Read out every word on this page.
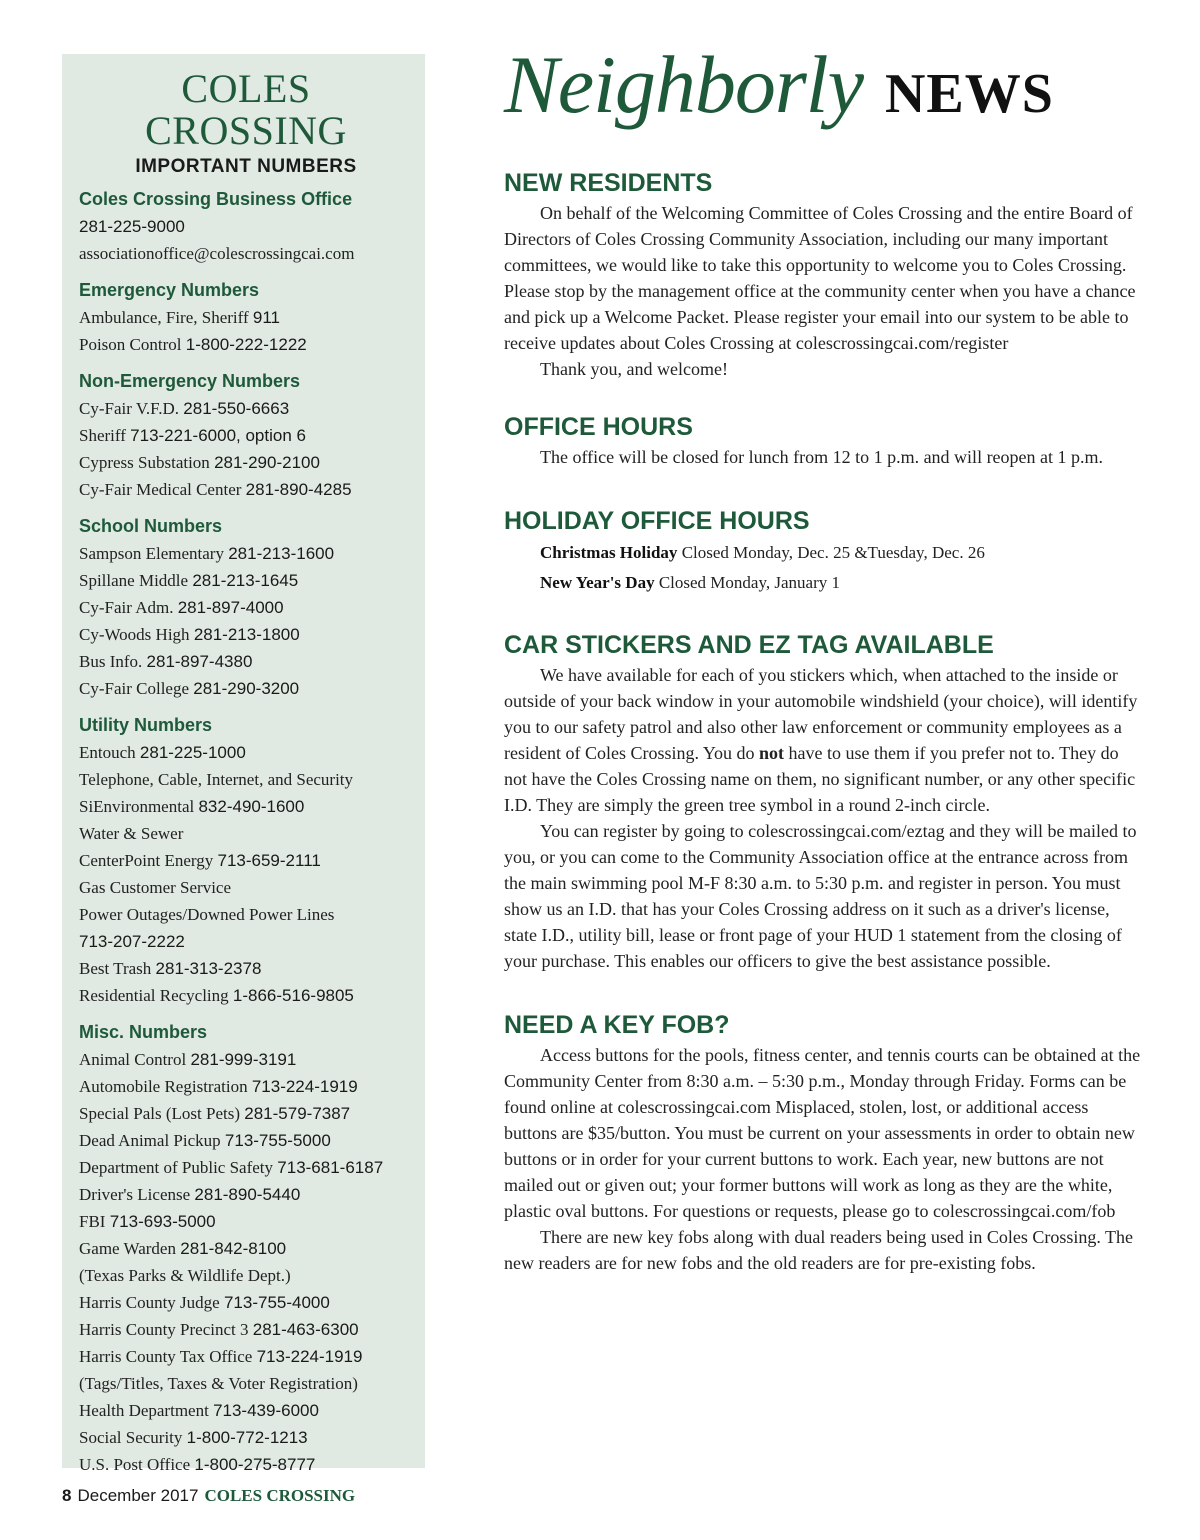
COLES CROSSING
IMPORTANT NUMBERS
Coles Crossing Business Office
281-225-9000
associationoffice@colescrossingcai.com
Emergency Numbers
Ambulance, Fire, Sheriff 911
Poison Control 1-800-222-1222
Non-Emergency Numbers
Cy-Fair V.F.D. 281-550-6663
Sheriff 713-221-6000, option 6
Cypress Substation 281-290-2100
Cy-Fair Medical Center 281-890-4285
School Numbers
Sampson Elementary 281-213-1600
Spillane Middle 281-213-1645
Cy-Fair Adm. 281-897-4000
Cy-Woods High 281-213-1800
Bus Info. 281-897-4380
Cy-Fair College 281-290-3200
Utility Numbers
Entouch 281-225-1000
Telephone, Cable, Internet, and Security
SiEnvironmental 832-490-1600
Water & Sewer
CenterPoint Energy 713-659-2111
Gas Customer Service
Power Outages/Downed Power Lines
713-207-2222
Best Trash 281-313-2378
Residential Recycling 1-866-516-9805
Misc. Numbers
Animal Control 281-999-3191
Automobile Registration 713-224-1919
Special Pals (Lost Pets) 281-579-7387
Dead Animal Pickup 713-755-5000
Department of Public Safety 713-681-6187
Driver's License 281-890-5440
FBI 713-693-5000
Game Warden 281-842-8100
(Texas Parks & Wildlife Dept.)
Harris County Judge 713-755-4000
Harris County Precinct 3 281-463-6300
Harris County Tax Office 713-224-1919
(Tags/Titles, Taxes & Voter Registration)
Health Department 713-439-6000
Social Security 1-800-772-1213
U.S. Post Office 1-800-275-8777
Neighborly NEWS
NEW RESIDENTS

On behalf of the Welcoming Committee of Coles Crossing and the entire Board of Directors of Coles Crossing Community Association, including our many important committees, we would like to take this opportunity to welcome you to Coles Crossing. Please stop by the management office at the community center when you have a chance and pick up a Welcome Packet. Please register your email into our system to be able to receive updates about Coles Crossing at colescrossingcai.com/register

Thank you, and welcome!

OFFICE HOURS

The office will be closed for lunch from 12 to 1 p.m. and will reopen at 1 p.m.

HOLIDAY OFFICE HOURS
Christmas Holiday Closed Monday, Dec. 25 &Tuesday, Dec. 26
New Year's Day Closed Monday, January 1
CAR STICKERS AND EZ TAG AVAILABLE

We have available for each of you stickers which, when attached to the inside or outside of your back window in your automobile windshield (your choice), will identify you to our safety patrol and also other law enforcement or community employees as a resident of Coles Crossing. You do not have to use them if you prefer not to. They do not have the Coles Crossing name on them, no significant number, or any other specific I.D. They are simply the green tree symbol in a round 2-inch circle.

You can register by going to colescrossingcai.com/eztag and they will be mailed to you, or you can come to the Community Association office at the entrance across from the main swimming pool M-F 8:30 a.m. to 5:30 p.m. and register in person. You must show us an I.D. that has your Coles Crossing address on it such as a driver's license, state I.D., utility bill, lease or front page of your HUD 1 statement from the closing of your purchase. This enables our officers to give the best assistance possible.

NEED A KEY FOB?

Access buttons for the pools, fitness center, and tennis courts can be obtained at the Community Center from 8:30 a.m. – 5:30 p.m., Monday through Friday. Forms can be found online at colescrossingcai.com Misplaced, stolen, lost, or additional access buttons are $35/button. You must be current on your assessments in order to obtain new buttons or in order for your current buttons to work. Each year, new buttons are not mailed out or given out; your former buttons will work as long as they are the white, plastic oval buttons. For questions or requests, please go to colescrossingcai.com/fob

There are new key fobs along with dual readers being used in Coles Crossing. The new readers are for new fobs and the old readers are for pre-existing fobs.

8 December 2017 COLES CROSSING
